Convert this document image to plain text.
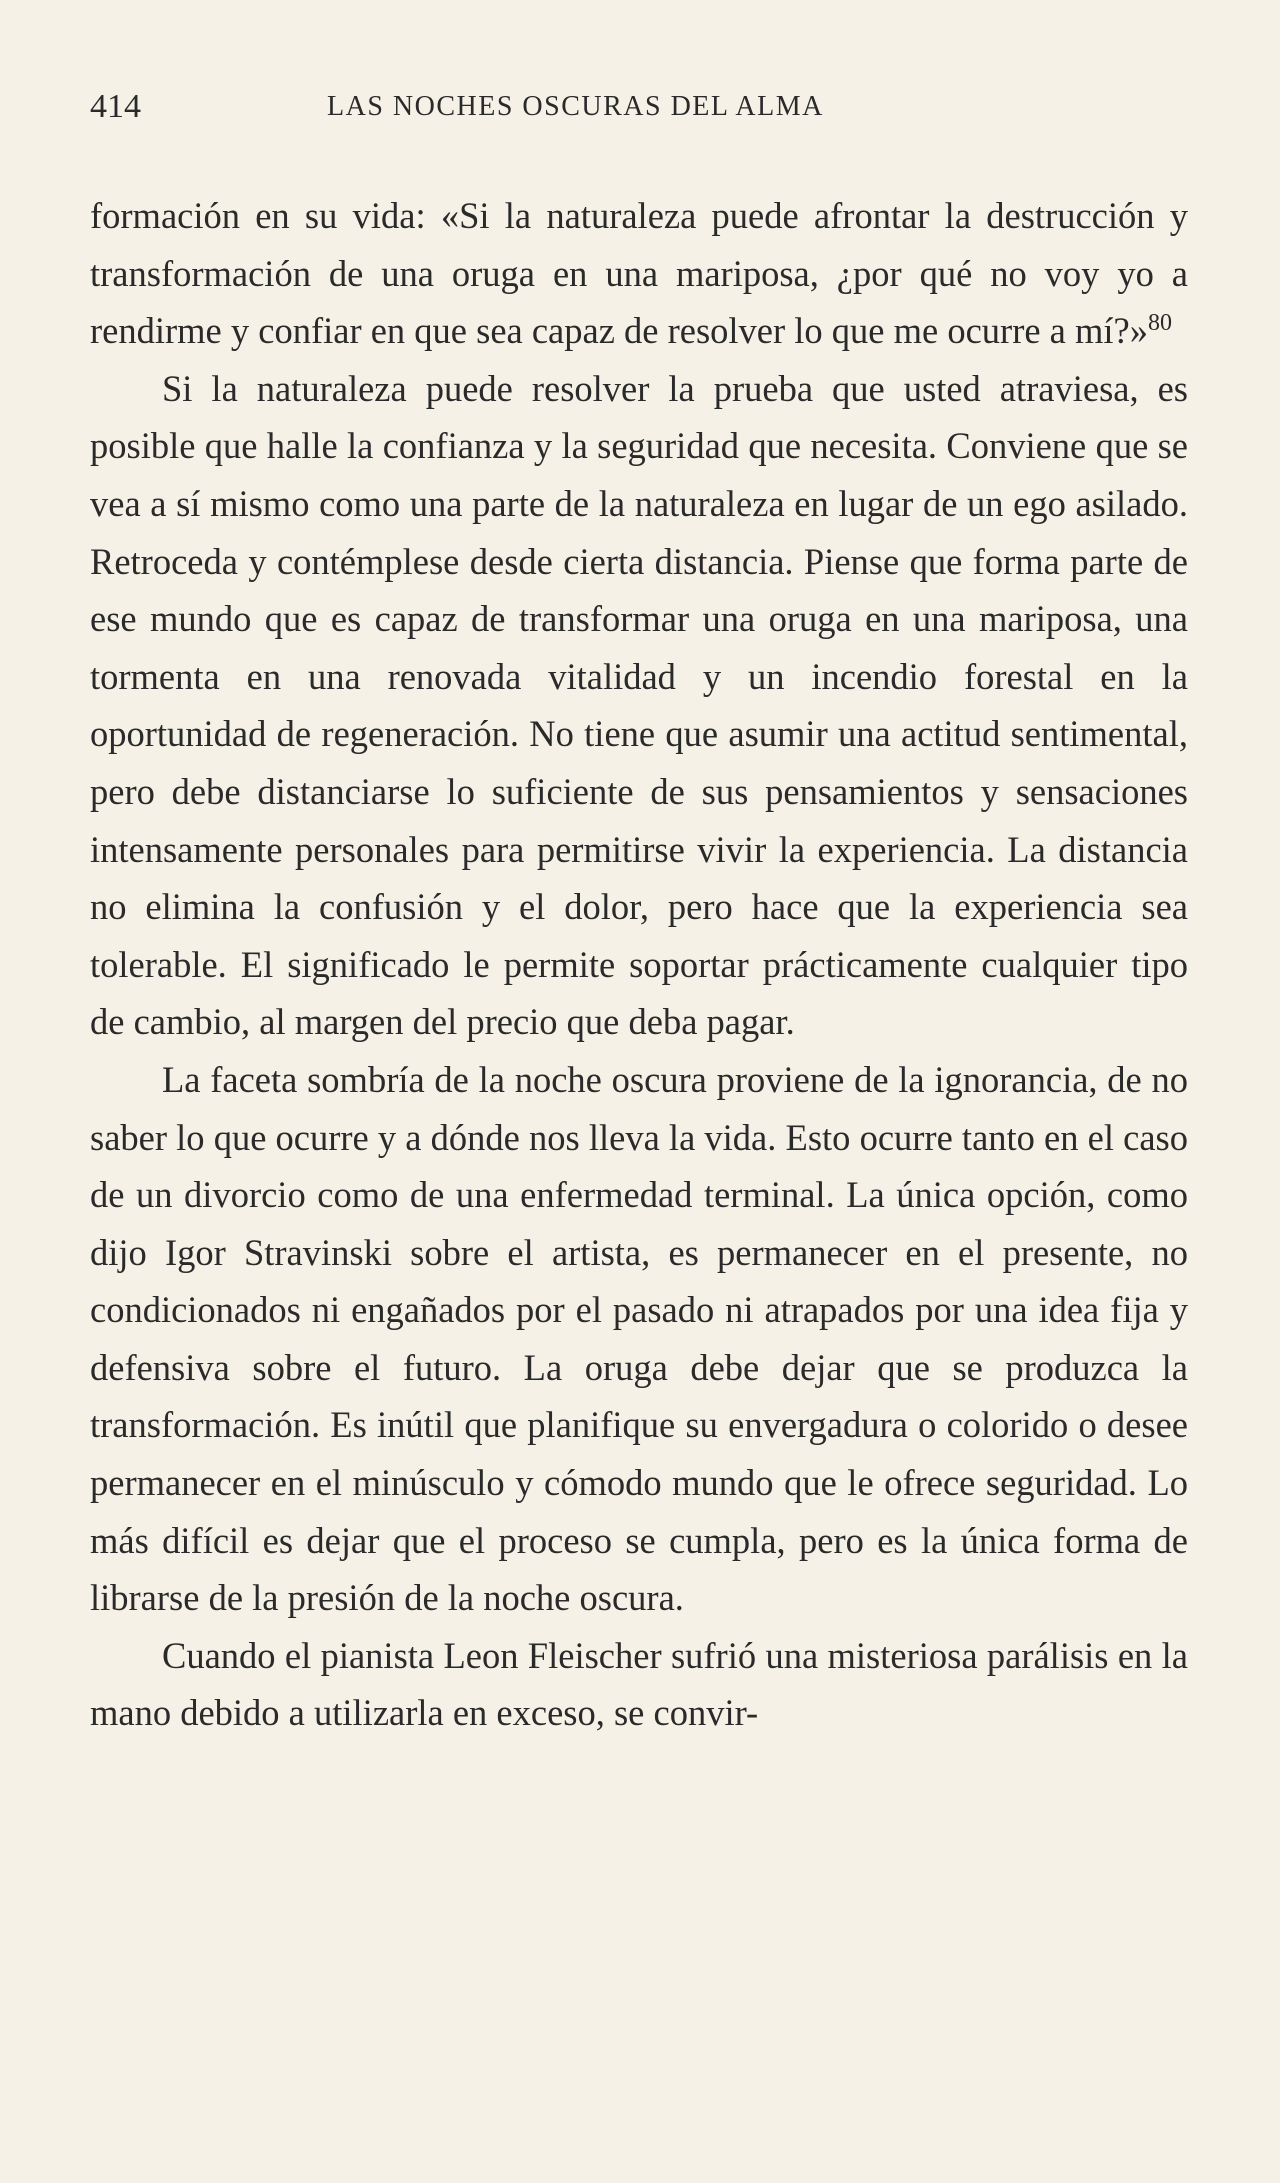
414	LAS NOCHES OSCURAS DEL ALMA

formación en su vida: «Si la naturaleza puede afrontar la destrucción y transformación de una oruga en una mariposa, ¿por qué no voy yo a rendirme y confiar en que sea capaz de resolver lo que me ocurre a mí?»$^{80}$

Si la naturaleza puede resolver la prueba que usted atraviesa, es posible que halle la confianza y la seguridad que necesita. Conviene que se vea a sí mismo como una parte de la naturaleza en lugar de un ego asilado. Retroceda y contémplese desde cierta distancia. Piense que forma parte de ese mundo que es capaz de transformar una oruga en una mariposa, una tormenta en una renovada vitalidad y un incendio forestal en la oportunidad de regeneración. No tiene que asumir una actitud sentimental, pero debe distanciarse lo suficiente de sus pensamientos y sensaciones intensamente personales para permitirse vivir la experiencia. La distancia no elimina la confusión y el dolor, pero hace que la experiencia sea tolerable. El significado le permite soportar prácticamente cualquier tipo de cambio, al margen del precio que deba pagar.

La faceta sombría de la noche oscura proviene de la ignorancia, de no saber lo que ocurre y a dónde nos lleva la vida. Esto ocurre tanto en el caso de un divorcio como de una enfermedad terminal. La única opción, como dijo Igor Stravinski sobre el artista, es permanecer en el presente, no condicionados ni engañados por el pasado ni atrapados por una idea fija y defensiva sobre el futuro. La oruga debe dejar que se produzca la transformación. Es inútil que planifique su envergadura o colorido o desee permanecer en el minúsculo y cómodo mundo que le ofrece seguridad. Lo más difícil es dejar que el proceso se cumpla, pero es la única forma de librarse de la presión de la noche oscura.

Cuando el pianista Leon Fleischer sufrió una misteriosa parálisis en la mano debido a utilizarla en exceso, se convir-
